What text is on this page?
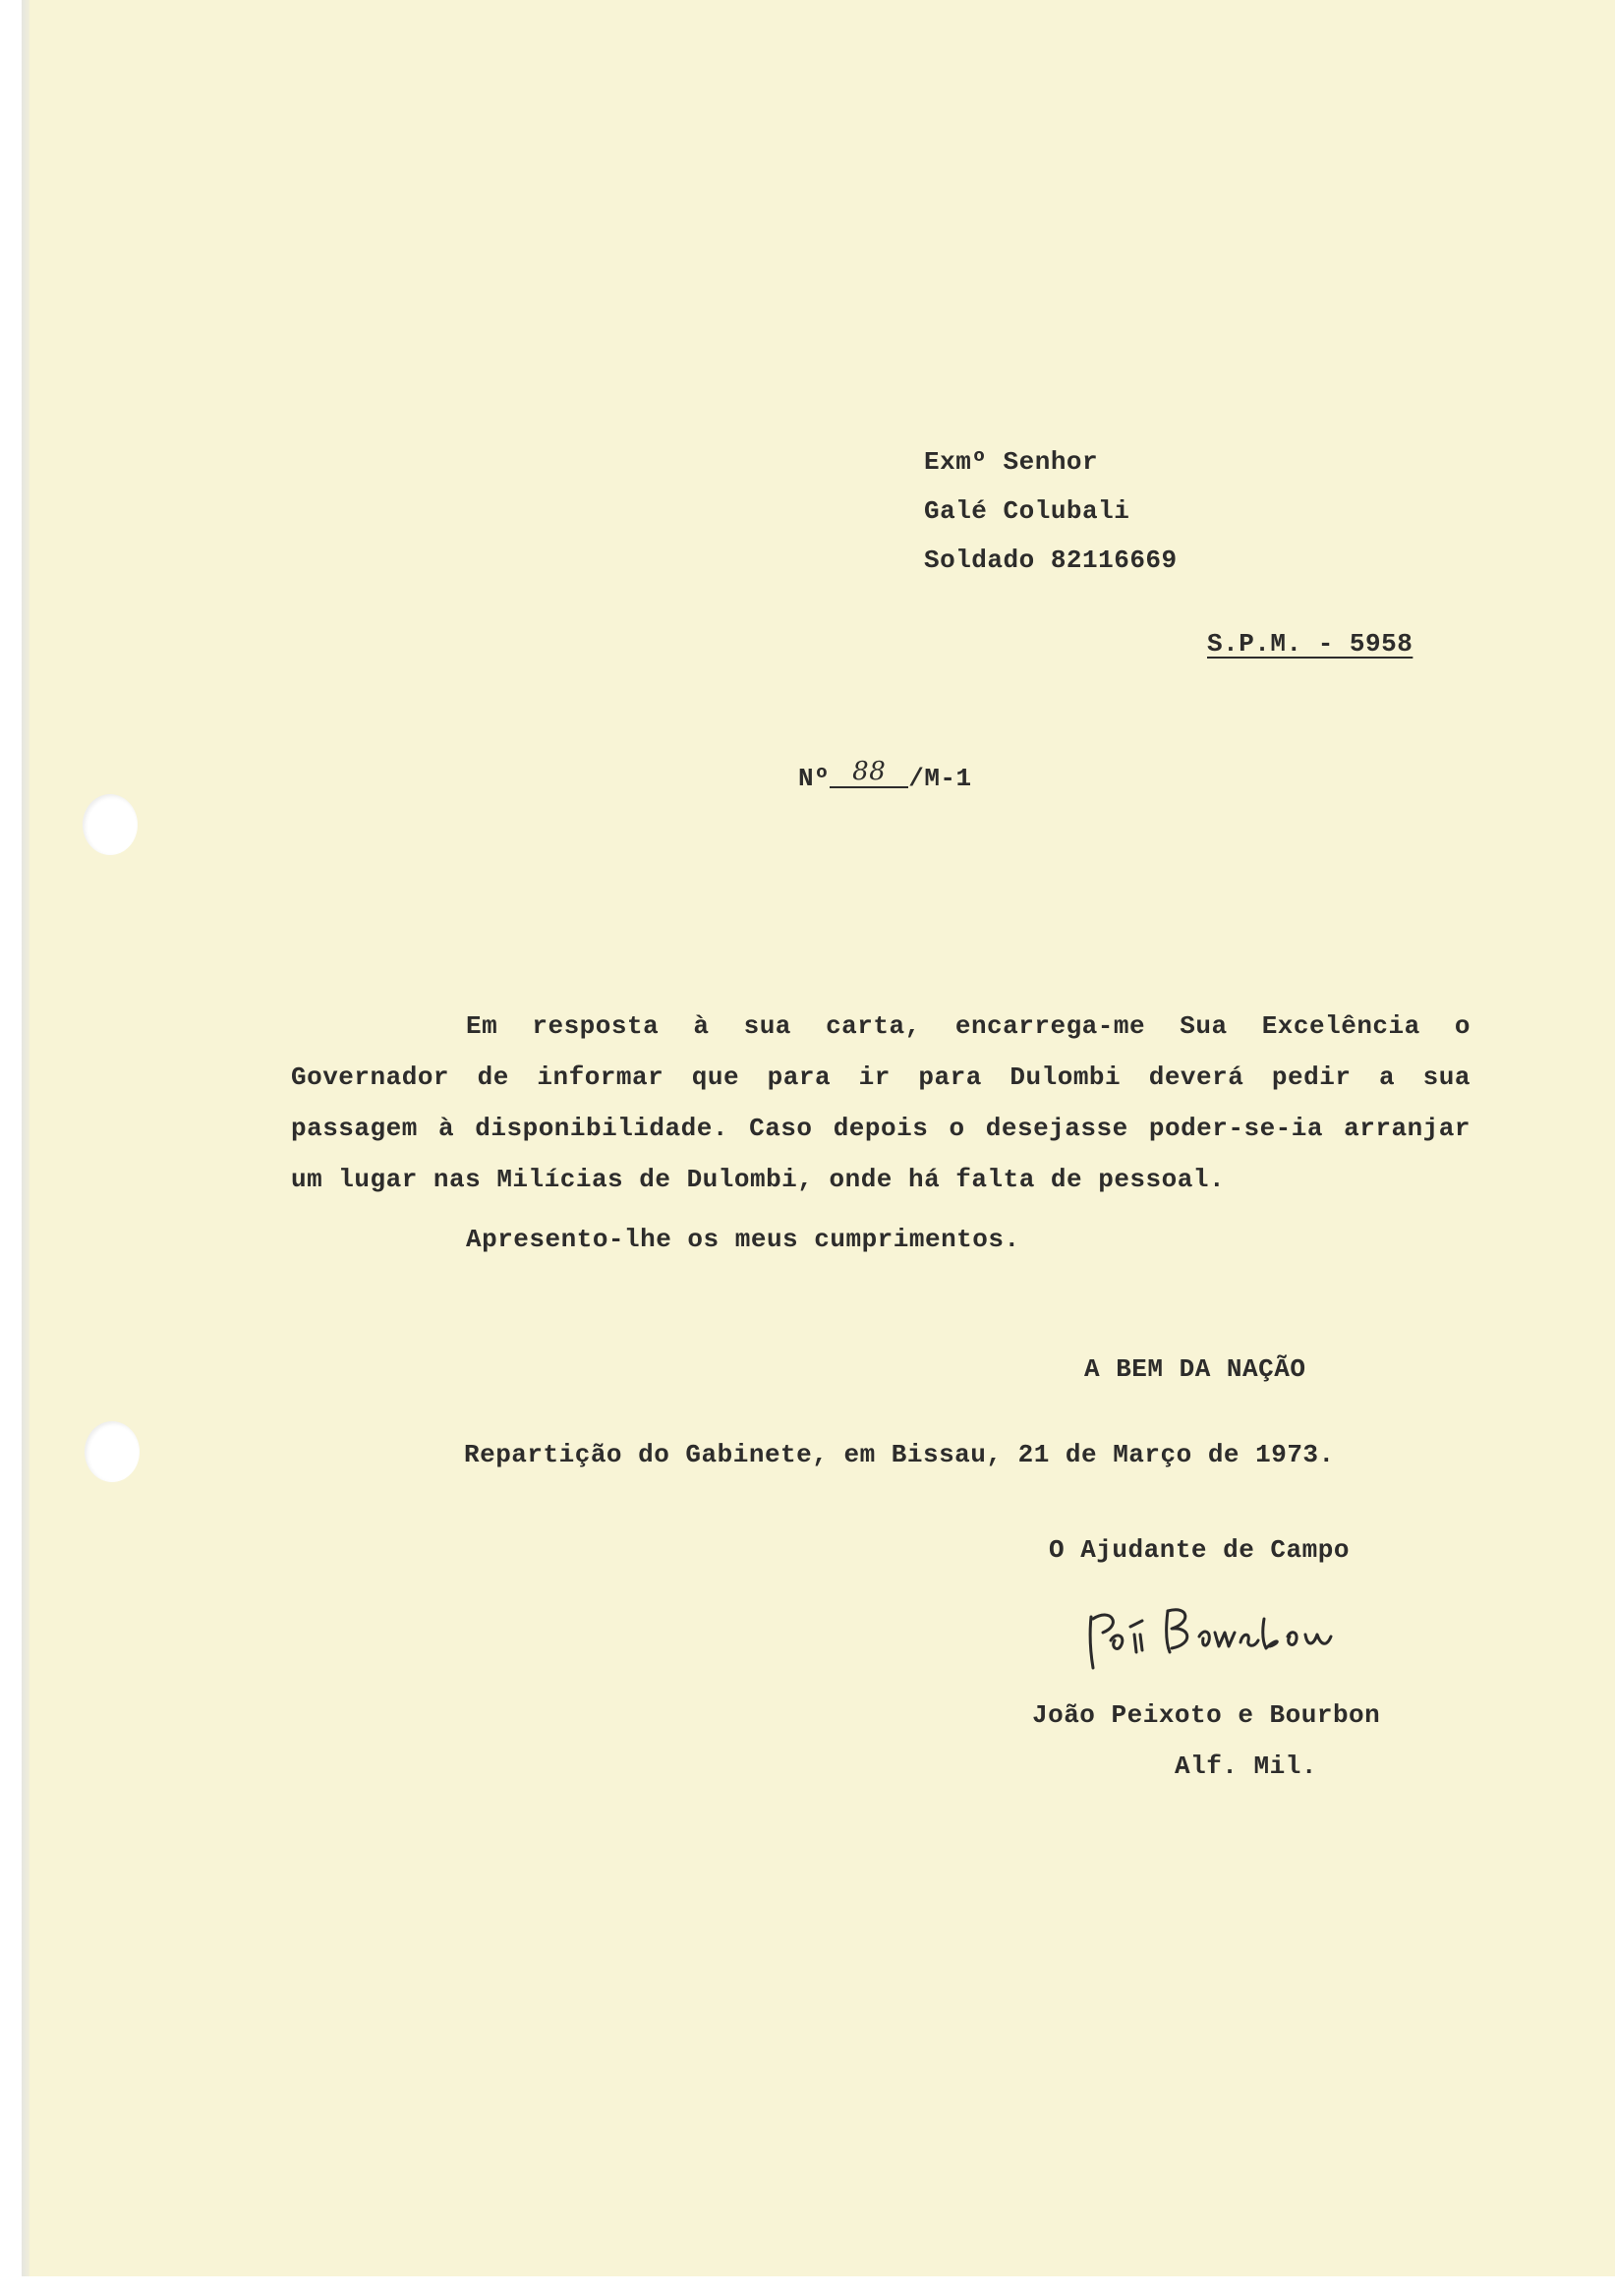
Exmº Senhor
Galé Colubali
Soldado 82116669
S.P.M. - 5958
Nº 88 /M-1
Em resposta à sua carta, encarrega-me Sua Excelência o Governador de informar que para ir para Dulombi deverá pedir a sua passagem à disponibilidade. Caso depois o desejasse poder-se-ia arranjar um lugar nas Milícias de Dulombi, onde há falta de pessoal.
Apresento-lhe os meus cumprimentos.
A BEM DA NAÇÃO
Repartição do Gabinete, em Bissau, 21 de Março de 1973.
O Ajudante de Campo
João Peixoto e Bourbon
Alf. Mil.
